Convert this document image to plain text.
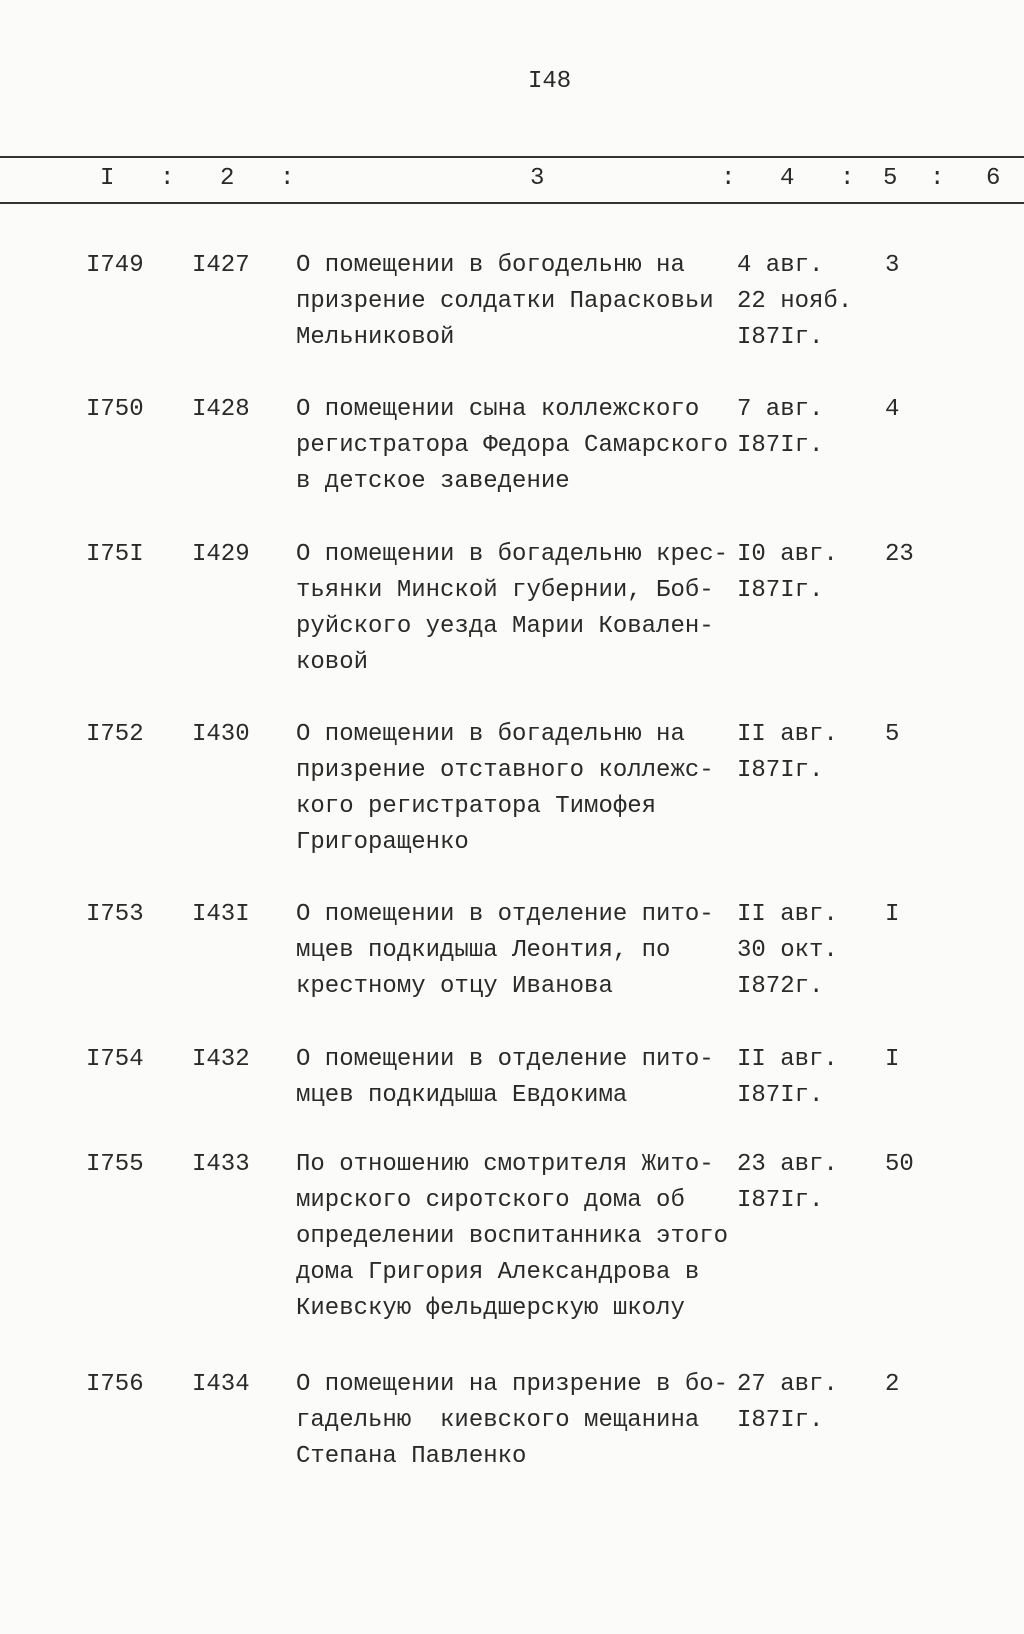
I48
I : 2 :	3	: 4 : 5 : 6
I749 I427 О помещении в богодельню на
призрение солдатки Парасковьи
Мельниковой
4 авг.
22 нояб.
I87Iг.
3
I750 I428 О помещении сына коллежского
регистратора Федора Самарского
в детское заведение
7 авг.
I87Iг.
4
I75I I429 О помещении в богадельню крес-
тьянки Минской губернии, Боб-
руйского уезда Марии Ковален-
ковой
I0 авг.
I87Iг.
23
I752 I430 О помещении в богадельню на
призрение отставного коллежс-
кого регистратора Тимофея
Григоращенко
II авг.
I87Iг.
5
I753 I43I О помещении в отделение пито-
мцев подкидыша Леонтия, по
крестному отцу Иванова
II авг.
30 окт.
I872г.
I
I754 I432 О помещении в отделение пито-
мцев подкидыша Евдокима
II авг.
I87Iг.
I
I755 I433 По отношению смотрителя Жито-
мирского сиротского дома об
определении воспитанника этого
дома Григория Александрова в
Киевскую фельдшерскую школу
23 авг.
I87Iг.
50
I756 I434 О помещении на призрение в бо-
гадельню  киевского мещанина
Степана Павленко
27 авг.
I87Iг.
2
